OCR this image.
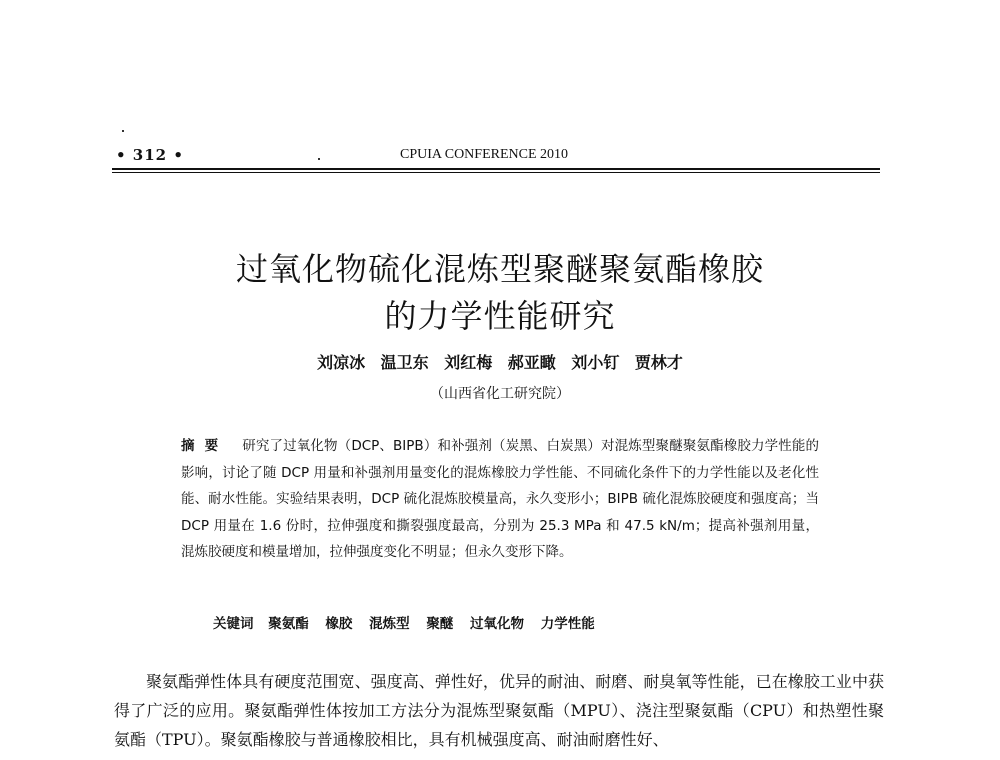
• 312 •	CPUIA CONFERENCE 2010
过氧化物硫化混炼型聚醚聚氨酯橡胶
的力学性能研究
刘凉冰 温卫东 刘红梅 郝亚瞰 刘小钉 贾林才
（山西省化工研究院）
摘要 研究了过氧化物（DCP、BIPB）和补强剂（炭黑、白炭黑）对混炼型聚醚聚氨酯橡胶力学性能的影响，讨论了随 DCP 用量和补强剂用量变化的混炼橡胶力学性能、不同硫化条件下的力学性能以及老化性能、耐水性能。实验结果表明，DCP 硫化混炼胶模量高，永久变形小；BIPB 硫化混炼胶硬度和强度高；当 DCP 用量在 1.6 份时，拉伸强度和撕裂强度最高，分别为 25.3 MPa 和 47.5 kN/m；提高补强剂用量，混炼胶硬度和模量增加，拉伸强度变化不明显；但永久变形下降。
关键词 聚氨酯 橡胶 混炼型 聚醚 过氧化物 力学性能

聚氨酯弹性体具有硬度范围宽、强度高、弹性好，优异的耐油、耐磨、耐臭氧等性能，已在橡胶工业中获得了广泛的应用。聚氨酯弹性体按加工方法分为混炼型聚氨酯（MPU）、浇注型聚氨酯（CPU）和热塑性聚氨酯（TPU）。聚氨酯橡胶与普通橡胶相比，具有机械强度高、耐油耐磨性好、
